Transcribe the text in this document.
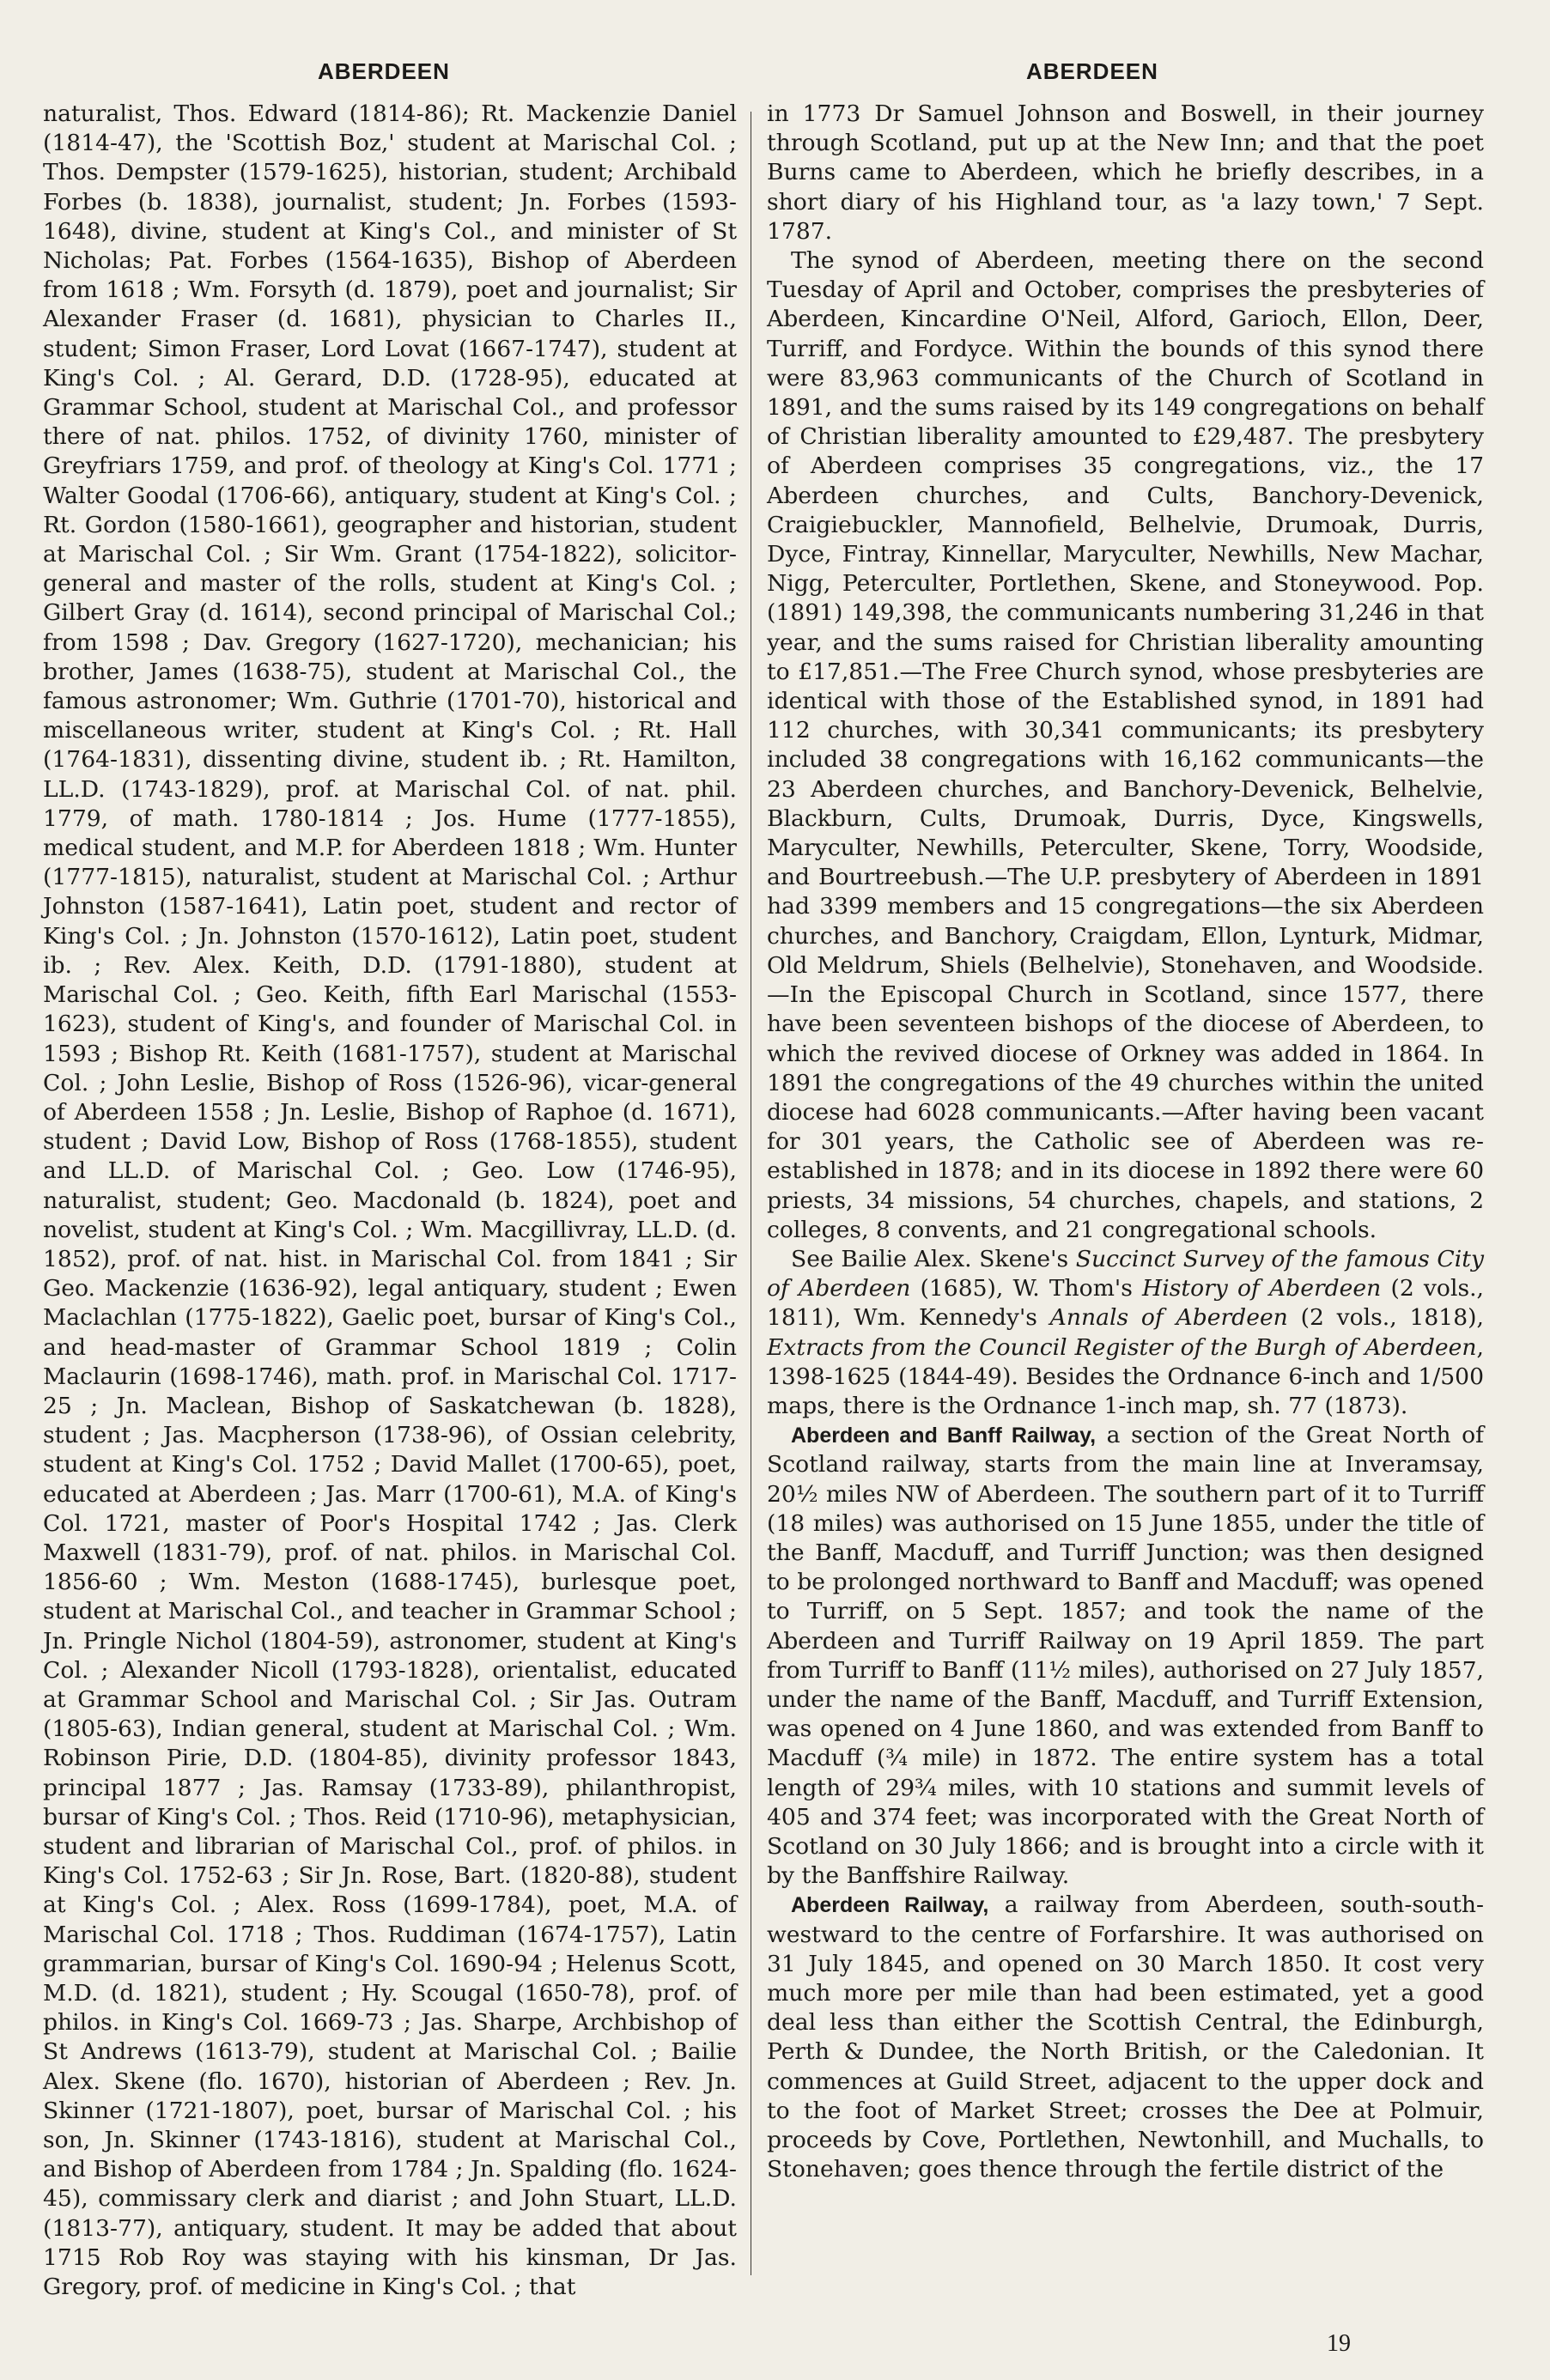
ABERDEEN	ABERDEEN

naturalist, Thos. Edward (1814-86); Rt. Mackenzie Daniel (1814-47), the 'Scottish Boz,' student at Marischal Col. ; Thos. Dempster (1579-1625), historian, student; Archibald Forbes (b. 1838), journalist, student; Jn. Forbes (1593-1648), divine, student at King's Col., and minister of St Nicholas; Pat. Forbes (1564-1635), Bishop of Aberdeen from 1618 ; Wm. Forsyth (d. 1879), poet and journalist; Sir Alexander Fraser (d. 1681), physician to Charles II., student; Simon Fraser, Lord Lovat (1667-1747), student at King's Col. ; Al. Gerard, D.D. (1728-95), educated at Grammar School, student at Marischal Col., and professor there of nat. philos. 1752, of divinity 1760, minister of Greyfriars 1759, and prof. of theology at King's Col. 1771 ; Walter Goodal (1706-66), antiquary, student at King's Col. ; Rt. Gordon (1580-1661), geographer and historian, student at Marischal Col. ; Sir Wm. Grant (1754-1822), solicitor-general and master of the rolls, student at King's Col. ; Gilbert Gray (d. 1614), second principal of Marischal Col.; from 1598 ; Dav. Gregory (1627-1720), mechanician; his brother, James (1638-75), student at Marischal Col., the famous astronomer; Wm. Guthrie (1701-70), historical and miscellaneous writer, student at King's Col. ; Rt. Hall (1764-1831), dissenting divine, student ib. ; Rt. Hamilton, LL.D. (1743-1829), prof. at Marischal Col. of nat. phil. 1779, of math. 1780-1814 ; Jos. Hume (1777-1855), medical student, and M.P. for Aberdeen 1818 ; Wm. Hunter (1777-1815), naturalist, student at Marischal Col. ; Arthur Johnston (1587-1641), Latin poet, student and rector of King's Col. ; Jn. Johnston (1570-1612), Latin poet, student ib. ; Rev. Alex. Keith, D.D. (1791-1880), student at Marischal Col. ; Geo. Keith, fifth Earl Marischal (1553-1623), student of King's, and founder of Marischal Col. in 1593 ; Bishop Rt. Keith (1681-1757), student at Marischal Col. ; John Leslie, Bishop of Ross (1526-96), vicar-general of Aberdeen 1558 ; Jn. Leslie, Bishop of Raphoe (d. 1671), student ; David Low, Bishop of Ross (1768-1855), student and LL.D. of Marischal Col. ; Geo. Low (1746-95), naturalist, student; Geo. Macdonald (b. 1824), poet and novelist, student at King's Col. ; Wm. Macgillivray, LL.D. (d. 1852), prof. of nat. hist. in Marischal Col. from 1841 ; Sir Geo. Mackenzie (1636-92), legal antiquary, student ; Ewen Maclachlan (1775-1822), Gaelic poet, bursar of King's Col., and head-master of Grammar School 1819 ; Colin Maclaurin (1698-1746), math. prof. in Marischal Col. 1717-25 ; Jn. Maclean, Bishop of Saskatchewan (b. 1828), student ; Jas. Macpherson (1738-96), of Ossian celebrity, student at King's Col. 1752 ; David Mallet (1700-65), poet, educated at Aberdeen ; Jas. Marr (1700-61), M.A. of King's Col. 1721, master of Poor's Hospital 1742 ; Jas. Clerk Maxwell (1831-79), prof. of nat. philos. in Marischal Col. 1856-60 ; Wm. Meston (1688-1745), burlesque poet, student at Marischal Col., and teacher in Grammar School ; Jn. Pringle Nichol (1804-59), astronomer, student at King's Col. ; Alexander Nicoll (1793-1828), orientalist, educated at Grammar School and Marischal Col. ; Sir Jas. Outram (1805-63), Indian general, student at Marischal Col. ; Wm. Robinson Pirie, D.D. (1804-85), divinity professor 1843, principal 1877 ; Jas. Ramsay (1733-89), philanthropist, bursar of King's Col. ; Thos. Reid (1710-96), metaphysician, student and librarian of Marischal Col., prof. of philos. in King's Col. 1752-63 ; Sir Jn. Rose, Bart. (1820-88), student at King's Col. ; Alex. Ross (1699-1784), poet, M.A. of Marischal Col. 1718 ; Thos. Ruddiman (1674-1757), Latin grammarian, bursar of King's Col. 1690-94 ; Helenus Scott, M.D. (d. 1821), student ; Hy. Scougal (1650-78), prof. of philos. in King's Col. 1669-73 ; Jas. Sharpe, Archbishop of St Andrews (1613-79), student at Marischal Col. ; Bailie Alex. Skene (flo. 1670), historian of Aberdeen ; Rev. Jn. Skinner (1721-1807), poet, bursar of Marischal Col. ; his son, Jn. Skinner (1743-1816), student at Marischal Col., and Bishop of Aberdeen from 1784 ; Jn. Spalding (flo. 1624-45), commissary clerk and diarist ; and John Stuart, LL.D. (1813-77), antiquary, student. It may be added that about 1715 Rob Roy was staying with his kinsman, Dr Jas. Gregory, prof. of medicine in King's Col. ; that

in 1773 Dr Samuel Johnson and Boswell, in their journey through Scotland, put up at the New Inn; and that the poet Burns came to Aberdeen, which he briefly describes, in a short diary of his Highland tour, as 'a lazy town,' 7 Sept. 1787.

The synod of Aberdeen, meeting there on the second Tuesday of April and October, comprises the presbyteries of Aberdeen, Kincardine O'Neil, Alford, Garioch, Ellon, Deer, Turriff, and Fordyce. Within the bounds of this synod there were 83,963 communicants of the Church of Scotland in 1891, and the sums raised by its 149 congregations on behalf of Christian liberality amounted to £29,487. The presbytery of Aberdeen comprises 35 congregations, viz., the 17 Aberdeen churches, and Cults, Banchory-Devenick, Craigiebuckler, Mannofield, Belhelvie, Drumoak, Durris, Dyce, Fintray, Kinnellar, Maryculter, Newhills, New Machar, Nigg, Peterculter, Portlethen, Skene, and Stoneywood. Pop. (1891) 149,398, the communicants numbering 31,246 in that year, and the sums raised for Christian liberality amounting to £17,851.—The Free Church synod, whose presbyteries are identical with those of the Established synod, in 1891 had 112 churches, with 30,341 communicants; its presbytery included 38 congregations with 16,162 communicants—the 23 Aberdeen churches, and Banchory-Devenick, Belhelvie, Blackburn, Cults, Drumoak, Durris, Dyce, Kingswells, Maryculter, Newhills, Peterculter, Skene, Torry, Woodside, and Bourtreebush.—The U.P. presbytery of Aberdeen in 1891 had 3399 members and 15 congregations—the six Aberdeen churches, and Banchory, Craigdam, Ellon, Lynturk, Midmar, Old Meldrum, Shiels (Belhelvie), Stonehaven, and Woodside.—In the Episcopal Church in Scotland, since 1577, there have been seventeen bishops of the diocese of Aberdeen, to which the revived diocese of Orkney was added in 1864. In 1891 the congregations of the 49 churches within the united diocese had 6028 communicants.—After having been vacant for 301 years, the Catholic see of Aberdeen was re-established in 1878; and in its diocese in 1892 there were 60 priests, 34 missions, 54 churches, chapels, and stations, 2 colleges, 8 convents, and 21 congregational schools.

See Bailie Alex. Skene's Succinct Survey of the famous City of Aberdeen (1685), W. Thom's History of Aberdeen (2 vols., 1811), Wm. Kennedy's Annals of Aberdeen (2 vols., 1818), Extracts from the Council Register of the Burgh of Aberdeen, 1398-1625 (1844-49). Besides the Ordnance 6-inch and 1/500 maps, there is the Ordnance 1-inch map, sh. 77 (1873).

Aberdeen and Banff Railway, a section of the Great North of Scotland railway, starts from the main line at Inveramsay, 20½ miles NW of Aberdeen. The southern part of it to Turriff (18 miles) was authorised on 15 June 1855, under the title of the Banff, Macduff, and Turriff Junction; was then designed to be prolonged northward to Banff and Macduff; was opened to Turriff, on 5 Sept. 1857; and took the name of the Aberdeen and Turriff Railway on 19 April 1859. The part from Turriff to Banff (11½ miles), authorised on 27 July 1857, under the name of the Banff, Macduff, and Turriff Extension, was opened on 4 June 1860, and was extended from Banff to Macduff (¾ mile) in 1872. The entire system has a total length of 29¾ miles, with 10 stations and summit levels of 405 and 374 feet; was incorporated with the Great North of Scotland on 30 July 1866; and is brought into a circle with it by the Banffshire Railway.

Aberdeen Railway, a railway from Aberdeen, south-south-westward to the centre of Forfarshire. It was authorised on 31 July 1845, and opened on 30 March 1850. It cost very much more per mile than had been estimated, yet a good deal less than either the Scottish Central, the Edinburgh, Perth & Dundee, the North British, or the Caledonian. It commences at Guild Street, adjacent to the upper dock and to the foot of Market Street; crosses the Dee at Polmuir, proceeds by Cove, Portlethen, Newtonhill, and Muchalls, to Stonehaven; goes thence through the fertile district of the

19
